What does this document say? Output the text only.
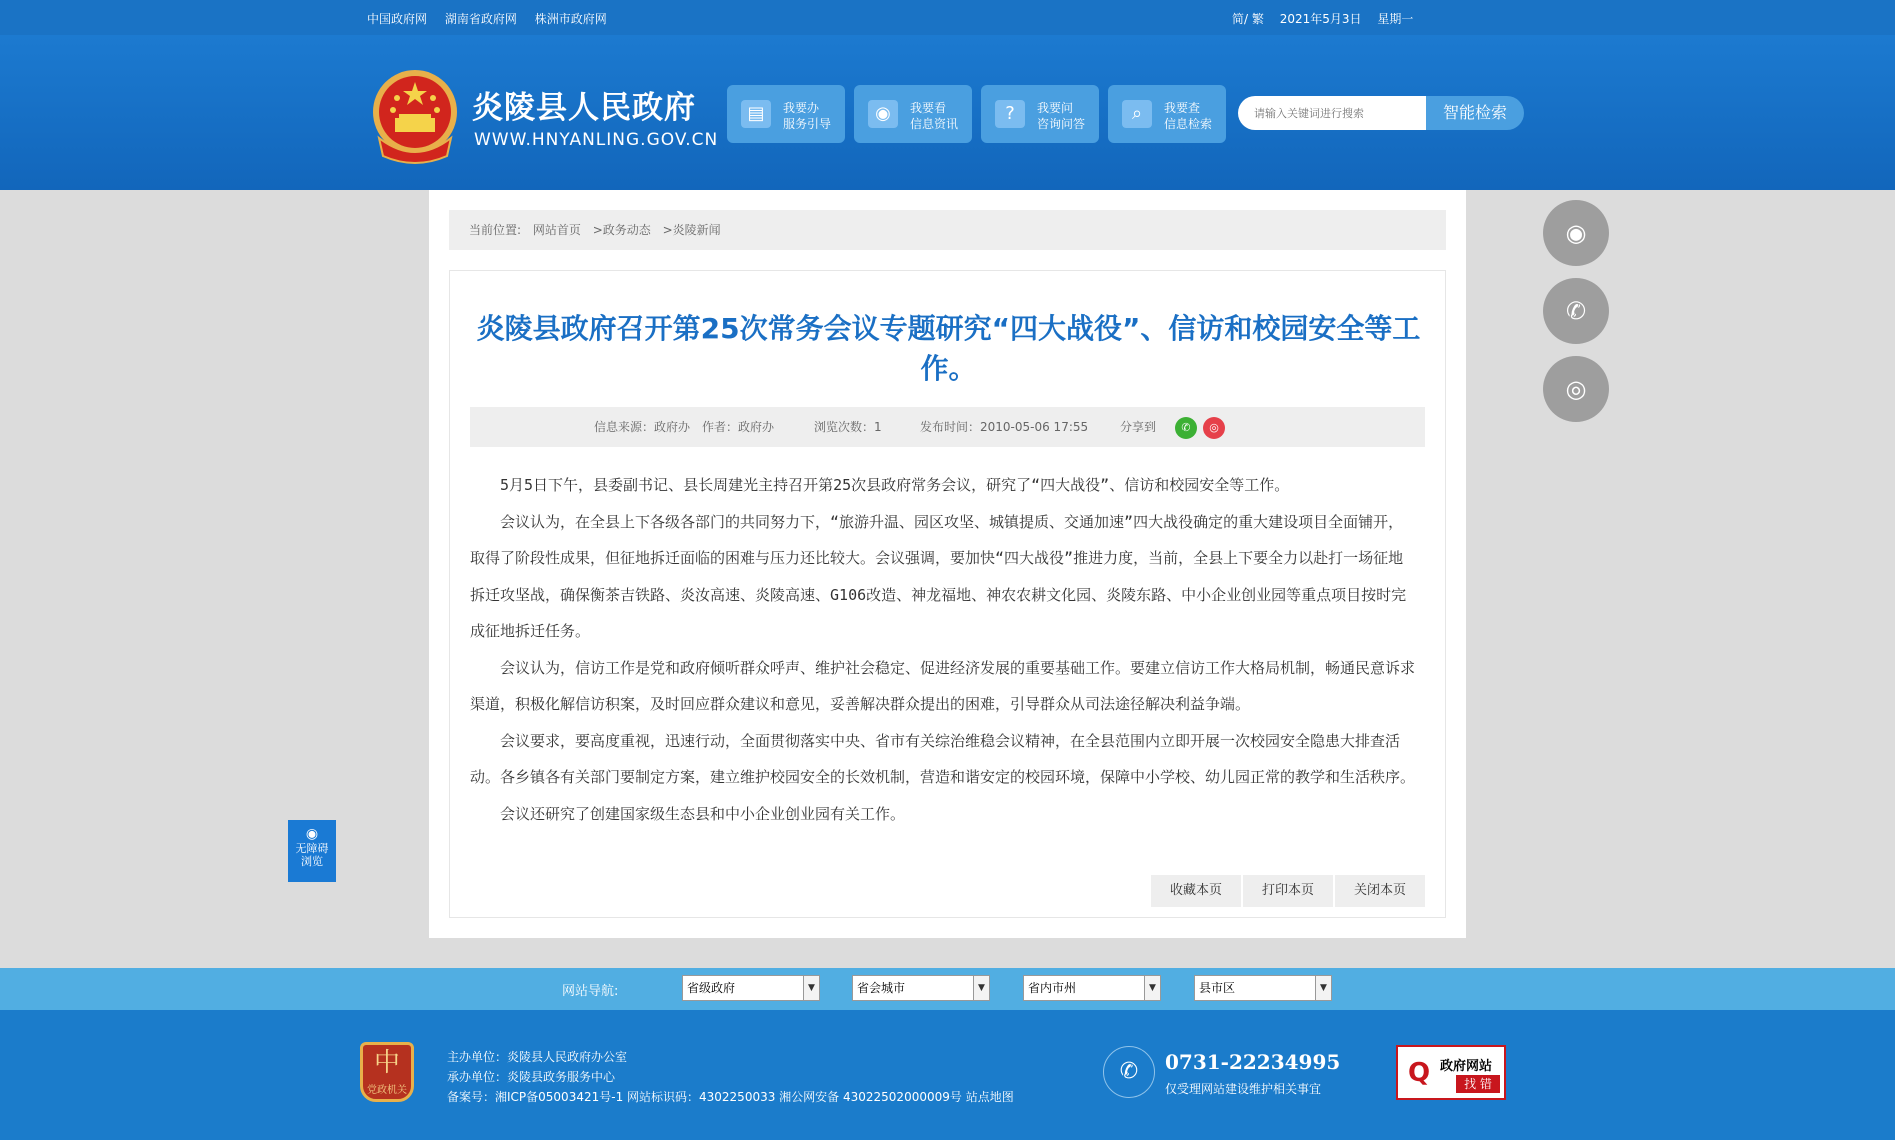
中国政府网 湖南省政府网 株洲市政府网	简/ 繁 2021年5月3日 星期一
炎陵县人民政府
WWW.HNYANLING.GOV.CN
▤	我要办
服务引导	◉	我要看
信息资讯	?	我要问
咨询问答	⌕	我要查
信息检索
请输入关键词进行搜索
智能检索
当前位置: 网站首页 >政务动态 >炎陵新闻
炎陵县政府召开第25次常务会议专题研究“四大战役”、信访和校园安全等工作。
信息来源：政府办 作者：政府办	浏览次数：1	发布时间：2010-05-06 17:55	分享到	✆	◎

5月5日下午，县委副书记、县长周建光主持召开第25次县政府常务会议，研究了“四大战役”、信访和校园安全等工作。

会议认为，在全县上下各级各部门的共同努力下，“旅游升温、园区攻坚、城镇提质、交通加速”四大战役确定的重大建设项目全面铺开，取得了阶段性成果，但征地拆迁面临的困难与压力还比较大。会议强调，要加快“四大战役”推进力度，当前，全县上下要全力以赴打一场征地拆迁攻坚战，确保衡茶吉铁路、炎汝高速、炎陵高速、G106改造、神龙福地、神农农耕文化园、炎陵东路、中小企业创业园等重点项目按时完成征地拆迁任务。

会议认为，信访工作是党和政府倾听群众呼声、维护社会稳定、促进经济发展的重要基础工作。要建立信访工作大格局机制，畅通民意诉求渠道，积极化解信访积案，及时回应群众建议和意见，妥善解决群众提出的困难，引导群众从司法途径解决利益争端。

会议要求，要高度重视，迅速行动，全面贯彻落实中央、省市有关综治维稳会议精神，在全县范围内立即开展一次校园安全隐患大排查活动。各乡镇各有关部门要制定方案，建立维护校园安全的长效机制，营造和谐安定的校园环境，保障中小学校、幼儿园正常的教学和生活秩序。

会议还研究了创建国家级生态县和中小企业创业园有关工作。

收藏本页	打印本页	关闭本页
◉
✆
◎
◉
无障碍
浏览
网站导航:	省级政府	▼	省会城市	▼	省内市州	▼	县市区	▼
中
党政机关
主办单位：炎陵县人民政府办公室
承办单位：炎陵县政务服务中心
备案号：湘ICP备05003421号-1 网站标识码：4302250033 湘公网安备 43022502000009号 站点地图
✆	0731-22234995
仅受理网站建设维护相关事宜
Q 政府网站
找 错
